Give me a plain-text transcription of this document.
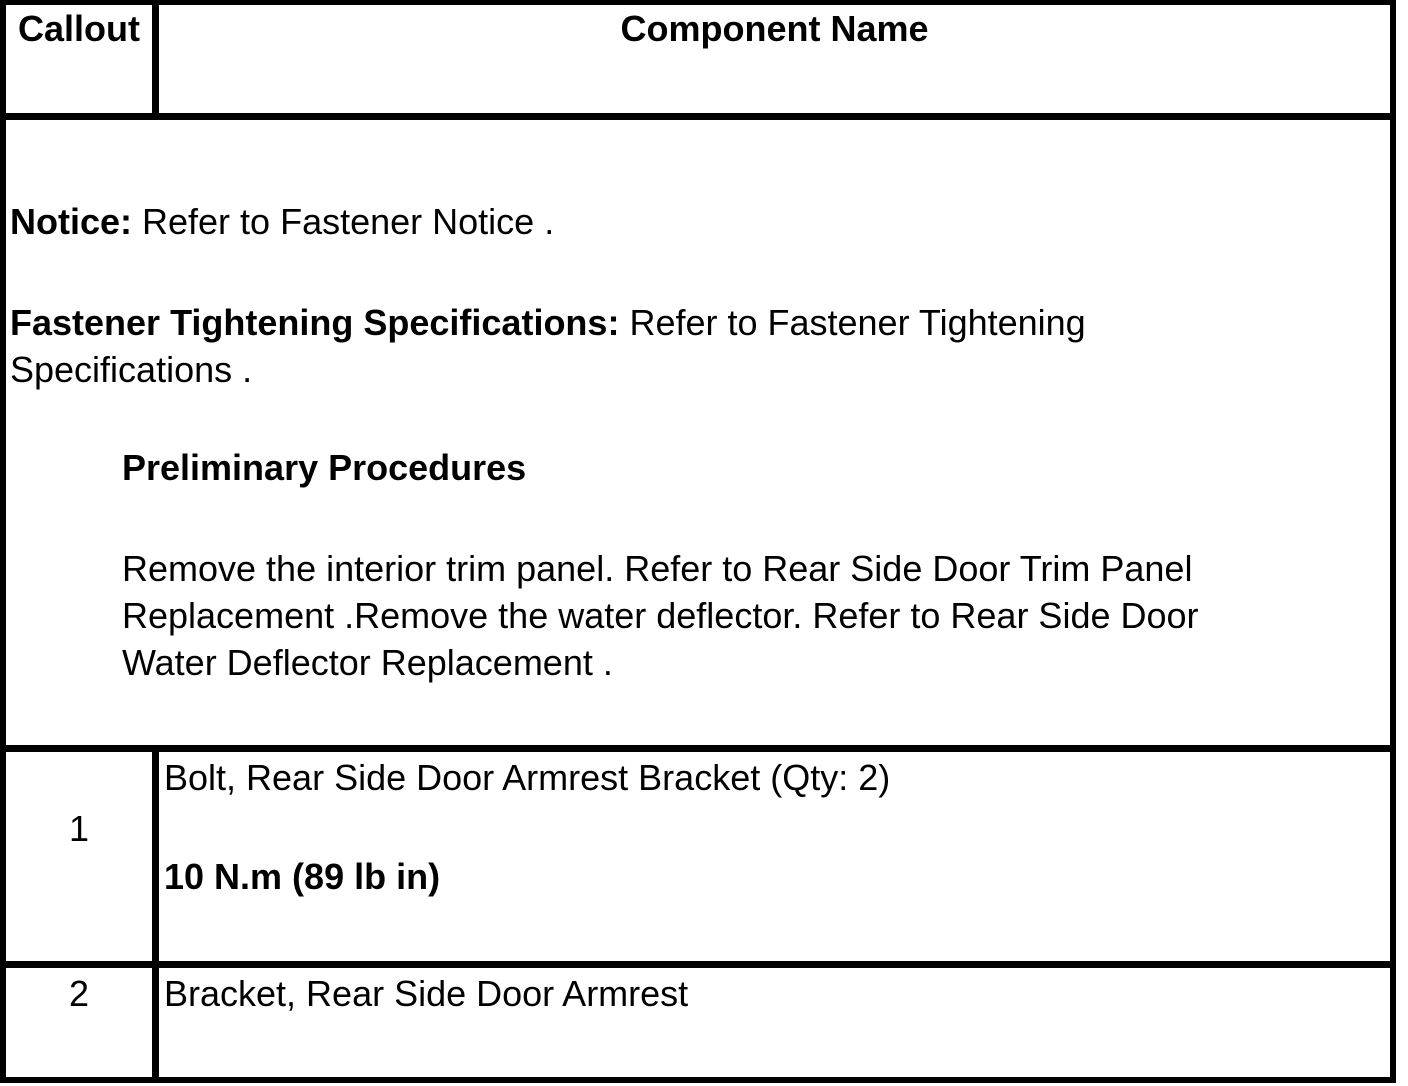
Callout	Component Name
Notice: Refer to Fastener Notice .
Fastener Tightening Specifications: Refer to Fastener Tightening
Specifications .
Preliminary Procedures
Remove the interior trim panel. Refer to Rear Side Door Trim Panel
Replacement .Remove the water deflector. Refer to Rear Side Door
Water Deflector Replacement .
1
Bolt, Rear Side Door Armrest Bracket (Qty: 2)
10 N.m (89 lb in)
2	Bracket, Rear Side Door Armrest
